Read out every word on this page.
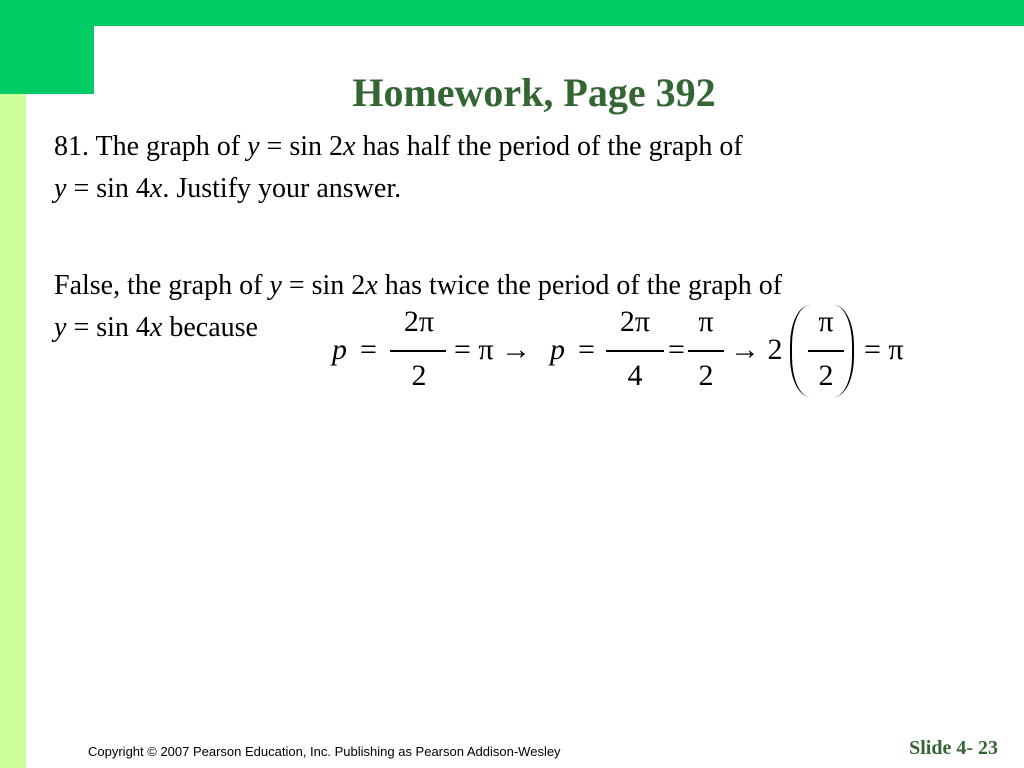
Homework, Page 392
81. The graph of y = sin 2x has half the period of the graph of
y = sin 4x. Justify your answer.
False, the graph of y = sin 2x has twice the period of the graph of
y = sin 4x because
p =
2π
2
= π → p =
2π
4
=
π
2
→ 2
π
2
= π
Copyright © 2007 Pearson Education, Inc. Publishing as Pearson Addison-Wesley	Slide 4- 23
